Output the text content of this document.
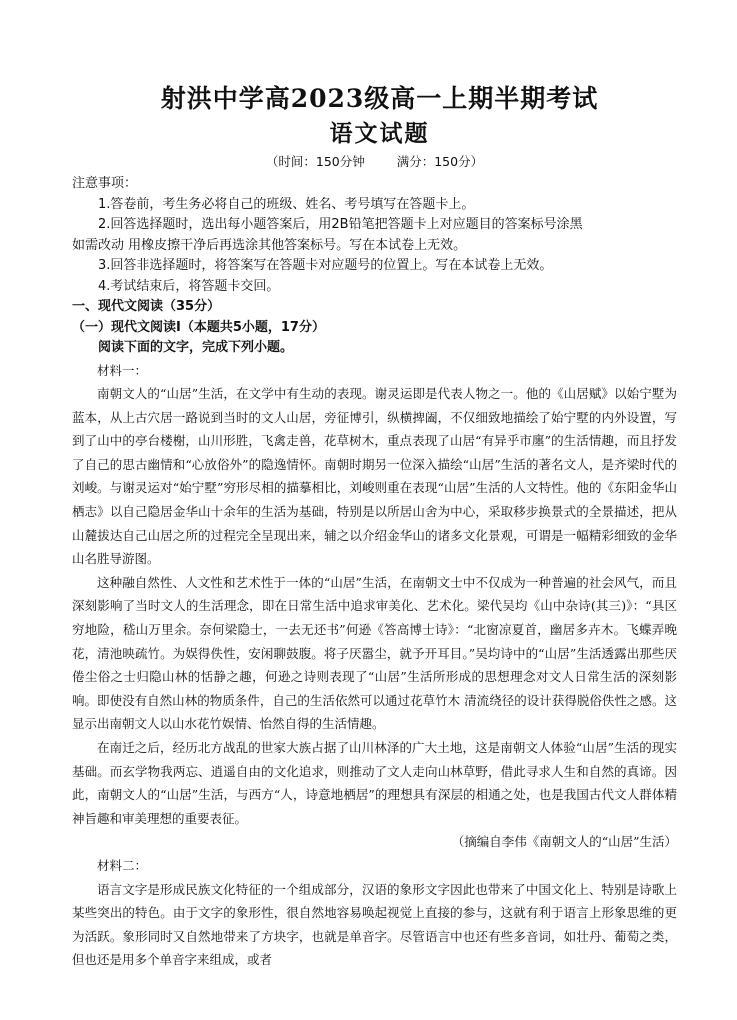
射洪中学高2023级高一上期半期考试
语文试题
（时间：150分钟	满分：150分）

注意事项：

1.答卷前，考生务必将自己的班级、姓名、考号填写在答题卡上。

2.回答选择题时，选出每小题答案后，用2B铅笔把答题卡上对应题目的答案标号涂黑

如需改动 用橡皮擦干净后再选涂其他答案标号。写在本试卷上无效。

3.回答非选择题时，将答案写在答题卡对应题号的位置上。写在本试卷上无效。

4.考试结束后，将答题卡交回。

一、现代文阅读（35分）

（一）现代文阅读Ⅰ（本题共5小题，17分）

阅读下面的文字，完成下列小题。

材料一：

南朝文人的“山居”生活，在文学中有生动的表现。谢灵运即是代表人物之一。他的《山居赋》以始宁墅为蓝本，从上古穴居一路说到当时的文人山居，旁征博引，纵横捭阖，不仅细致地描绘了始宁墅的内外设置，写到了山中的亭台楼榭，山川形胜，飞禽走兽，花草树木，重点表现了山居“有异乎市廛”的生活情趣，而且抒发了自己的思古幽情和“心放俗外”的隐逸情怀。南朝时期另一位深入描绘“山居”生活的著名文人，是齐梁时代的刘峻。与谢灵运对“始宁墅”穷形尽相的描摹相比，刘峻则重在表现“山居”生活的人文特性。他的《东阳金华山栖志》以自己隐居金华山十余年的生活为基础，特别是以所居山舍为中心，采取移步换景式的全景描述，把从山麓拔达自己山居之所的过程完全呈现出来，辅之以介绍金华山的诸多文化景观，可谓是一幅精彩细致的金华山名胜导游图。

这种融自然性、人文性和艺术性于一体的“山居”生活，在南朝文士中不仅成为一种普遍的社会风气，而且深刻影响了当时文人的生活理念，即在日常生活中追求审美化、艺术化。梁代吴均《山中杂诗(其三)》：“具区穷地险，嵇山万里余。奈何梁隐士，一去无还书”何逊《答高博士诗》：“北窗凉夏首，幽居多卉木。飞蝶弄晚花，清池映疏竹。为娱得佚性，安闲聊鼓腹。将子厌嚣尘，就予开耳目。”吴均诗中的“山居”生活透露出那些厌倦尘俗之士归隐山林的恬静之趣，何逊之诗则表现了“山居”生活所形成的思想理念对文人日常生活的深刻影响。即使没有自然山林的物质条件，自己的生活依然可以通过花草竹木 清流绕径的设计获得脱俗佚性之感。这显示出南朝文人以山水花竹娱情、怡然自得的生活情趣。

在南迁之后，经历北方战乱的世家大族占据了山川林泽的广大土地，这是南朝文人体验“山居”生活的现实基础。而玄学物我两忘、逍遥自由的文化追求，则推动了文人走向山林草野，借此寻求人生和自然的真谛。因此，南朝文人的“山居”生活，与西方“人，诗意地栖居”的理想具有深层的相通之处，也是我国古代文人群体精神旨趣和审美理想的重要表征。

（摘编自李伟《南朝文人的“山居”生活）

材料二：

语言文字是形成民族文化特征的一个组成部分，汉语的象形文字因此也带来了中国文化上、特别是诗歌上某些突出的特色。由于文字的象形性，很自然地容易唤起视觉上直接的参与，这就有利于语言上形象思维的更为活跃。象形同时又自然地带来了方块字，也就是单音字。尽管语言中也还有些多音词，如壮丹、葡萄之类，但也还是用多个单音字来组成，或者
